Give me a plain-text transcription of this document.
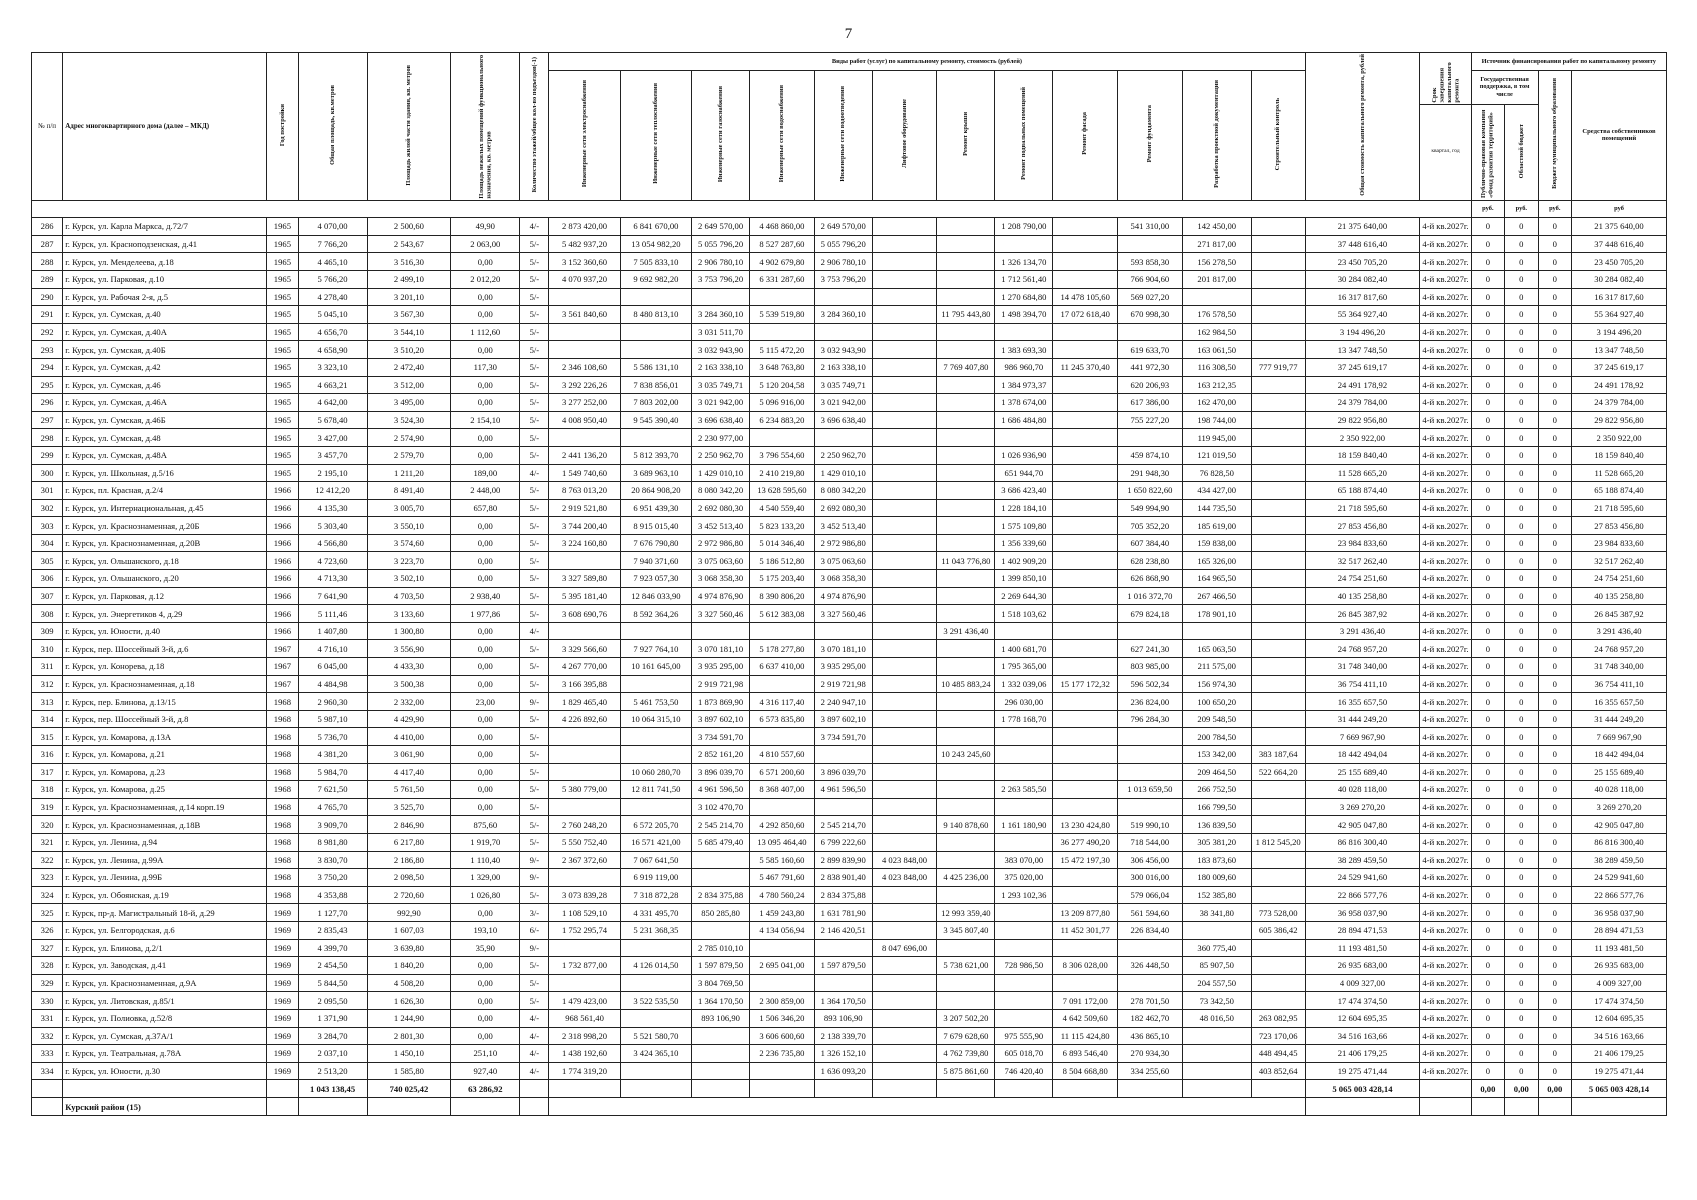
7
№ п/п	Адрес многоквартирного дома (далее – МКД)	Год постройки	Общая площадь, кв.метров	Площадь жилой части здания, кв. метров	Площадь нежилых помещений функционального назначения, кв. метров	Количество этажей/общее кол-во подъездов(-1)	Виды работ (услуг) по капитальному ремонту, стоимость (рублей)												Общая стоимость капитального ремонта, рублей	Срок завершения капитального ремонта	Источник финансирования работ по капитальному ремонту			
							Инженерные сети электроснабжения	Инженерные сети теплоснабжения	Инженерные сети газоснабжения	Инженерные сети водоснабжения	Инженерные сети водоотведения	Лифтовое оборудование	Ремонт крыши	Ремонт подвальных помещений	Ремонт фасада	Ремонт фундамента	Разработка проектной документации	Строительный контроль			Государственная поддержка, в том числе		Бюджет муниципального образования	Средства собственников помещений
																				квартал, год	Публично-правовая компания «Фонд развития территорий»	Областной бюджет		
																					руб.	руб.	руб.	руб
286	г. Курск, ул. Карла Маркса, д.72/7	1965	4 070,00	2 500,60	49,90	4/-	2 873 420,00	6 841 670,00	2 649 570,00	4 468 860,00	2 649 570,00			1 208 790,00		541 310,00	142 450,00		21 375 640,00	4-й кв.2027г.	0	0	0	21 375 640,00
287	г. Курск, ул. Красноподзенская, д.41	1965	7 766,20	2 543,67	2 063,00	5/-	5 482 937,20	13 054 982,20	5 055 796,20	8 527 287,60	5 055 796,20						271 817,00		37 448 616,40	4-й кв.2027г.	0	0	0	37 448 616,40
288	г. Курск, ул. Менделеева, д.18	1965	4 465,10	3 516,30	0,00	5/-	3 152 360,60	7 505 833,10	2 906 780,10	4 902 679,80	2 906 780,10			1 326 134,70		593 858,30	156 278,50		23 450 705,20	4-й кв.2027г.	0	0	0	23 450 705,20
289	г. Курск, ул. Парковая, д.10	1965	5 766,20	2 499,10	2 012,20	5/-	4 070 937,20	9 692 982,20	3 753 796,20	6 331 287,60	3 753 796,20			1 712 561,40		766 904,60	201 817,00		30 284 082,40	4-й кв.2027г.	0	0	0	30 284 082,40
290	г. Курск, ул. Рабочая 2-я, д.5	1965	4 278,40	3 201,10	0,00	5/-								1 270 684,80	14 478 105,60	569 027,20			16 317 817,60	4-й кв.2027г.	0	0	0	16 317 817,60
291	г. Курск, ул. Сумская, д.40	1965	5 045,10	3 567,30	0,00	5/-	3 561 840,60	8 480 813,10	3 284 360,10	5 539 519,80	3 284 360,10		11 795 443,80	1 498 394,70	17 072 618,40	670 998,30	176 578,50		55 364 927,40	4-й кв.2027г.	0	0	0	55 364 927,40
292	г. Курск, ул. Сумская, д.40А	1965	4 656,70	3 544,10	1 112,60	5/-			3 031 511,70								162 984,50		3 194 496,20	4-й кв.2027г.	0	0	0	3 194 496,20
293	г. Курск, ул. Сумская, д.40Б	1965	4 658,90	3 510,20	0,00	5/-			3 032 943,90	5 115 472,20	3 032 943,90			1 383 693,30		619 633,70	163 061,50		13 347 748,50	4-й кв.2027г.	0	0	0	13 347 748,50
294	г. Курск, ул. Сумская, д.42	1965	3 323,10	2 472,40	117,30	5/-	2 346 108,60	5 586 131,10	2 163 338,10	3 648 763,80	2 163 338,10		7 769 407,80	986 960,70	11 245 370,40	441 972,30	116 308,50	777 919,77	37 245 619,17	4-й кв.2027г.	0	0	0	37 245 619,17
295	г. Курск, ул. Сумская, д.46	1965	4 663,21	3 512,00	0,00	5/-	3 292 226,26	7 838 856,01	3 035 749,71	5 120 204,58	3 035 749,71			1 384 973,37		620 206,93	163 212,35		24 491 178,92	4-й кв.2027г.	0	0	0	24 491 178,92
296	г. Курск, ул. Сумская, д.46А	1965	4 642,00	3 495,00	0,00	5/-	3 277 252,00	7 803 202,00	3 021 942,00	5 096 916,00	3 021 942,00			1 378 674,00		617 386,00	162 470,00		24 379 784,00	4-й кв.2027г.	0	0	0	24 379 784,00
297	г. Курск, ул. Сумская, д.46Б	1965	5 678,40	3 524,30	2 154,10	5/-	4 008 950,40	9 545 390,40	3 696 638,40	6 234 883,20	3 696 638,40			1 686 484,80		755 227,20	198 744,00		29 822 956,80	4-й кв.2027г.	0	0	0	29 822 956,80
298	г. Курск, ул. Сумская, д.48	1965	3 427,00	2 574,90	0,00	5/-			2 230 977,00								119 945,00		2 350 922,00	4-й кв.2027г.	0	0	0	2 350 922,00
299	г. Курск, ул. Сумская, д.48А	1965	3 457,70	2 579,70	0,00	5/-	2 441 136,20	5 812 393,70	2 250 962,70	3 796 554,60	2 250 962,70			1 026 936,90		459 874,10	121 019,50		18 159 840,40	4-й кв.2027г.	0	0	0	18 159 840,40
300	г. Курск, ул. Школьная, д.5/16	1965	2 195,10	1 211,20	189,00	4/-	1 549 740,60	3 689 963,10	1 429 010,10	2 410 219,80	1 429 010,10			651 944,70		291 948,30	76 828,50		11 528 665,20	4-й кв.2027г.	0	0	0	11 528 665,20
301	г. Курск, пл. Красная, д.2/4	1966	12 412,20	8 491,40	2 448,00	5/-	8 763 013,20	20 864 908,20	8 080 342,20	13 628 595,60	8 080 342,20			3 686 423,40		1 650 822,60	434 427,00		65 188 874,40	4-й кв.2027г.	0	0	0	65 188 874,40
302	г. Курск, ул. Интернациональная, д.45	1966	4 135,30	3 005,70	657,80	5/-	2 919 521,80	6 951 439,30	2 692 080,30	4 540 559,40	2 692 080,30			1 228 184,10		549 994,90	144 735,50		21 718 595,60	4-й кв.2027г.	0	0	0	21 718 595,60
303	г. Курск, ул. Краснознаменная, д.20Б	1966	5 303,40	3 550,10	0,00	5/-	3 744 200,40	8 915 015,40	3 452 513,40	5 823 133,20	3 452 513,40			1 575 109,80		705 352,20	185 619,00		27 853 456,80	4-й кв.2027г.	0	0	0	27 853 456,80
304	г. Курск, ул. Краснознаменная, д.20В	1966	4 566,80	3 574,60	0,00	5/-	3 224 160,80	7 676 790,80	2 972 986,80	5 014 346,40	2 972 986,80			1 356 339,60		607 384,40	159 838,00		23 984 833,60	4-й кв.2027г.	0	0	0	23 984 833,60
305	г. Курск, ул. Ольшанского, д.18	1966	4 723,60	3 223,70	0,00	5/-		7 940 371,60	3 075 063,60	5 186 512,80	3 075 063,60		11 043 776,80	1 402 909,20		628 238,80	165 326,00		32 517 262,40	4-й кв.2027г.	0	0	0	32 517 262,40
306	г. Курск, ул. Ольшанского, д.20	1966	4 713,30	3 502,10	0,00	5/-	3 327 589,80	7 923 057,30	3 068 358,30	5 175 203,40	3 068 358,30			1 399 850,10		626 868,90	164 965,50		24 754 251,60	4-й кв.2027г.	0	0	0	24 754 251,60
307	г. Курск, ул. Парковая, д.12	1966	7 641,90	4 703,50	2 938,40	5/-	5 395 181,40	12 846 033,90	4 974 876,90	8 390 806,20	4 974 876,90			2 269 644,30		1 016 372,70	267 466,50		40 135 258,80	4-й кв.2027г.	0	0	0	40 135 258,80
308	г. Курск, ул. Энергетиков 4, д.29	1966	5 111,46	3 133,60	1 977,86	5/-	3 608 690,76	8 592 364,26	3 327 560,46	5 612 383,08	3 327 560,46			1 518 103,62		679 824,18	178 901,10		26 845 387,92	4-й кв.2027г.	0	0	0	26 845 387,92
309	г. Курск, ул. Юности, д.40	1966	1 407,80	1 300,80	0,00	4/-							3 291 436,40						3 291 436,40	4-й кв.2027г.	0	0	0	3 291 436,40
310	г. Курск, пер. Шоссейный 3-й, д.6	1967	4 716,10	3 556,90	0,00	5/-	3 329 566,60	7 927 764,10	3 070 181,10	5 178 277,80	3 070 181,10			1 400 681,70		627 241,30	165 063,50		24 768 957,20	4-й кв.2027г.	0	0	0	24 768 957,20
311	г. Курск, ул. Конорева, д.18	1967	6 045,00	4 433,30	0,00	5/-	4 267 770,00	10 161 645,00	3 935 295,00	6 637 410,00	3 935 295,00			1 795 365,00		803 985,00	211 575,00		31 748 340,00	4-й кв.2027г.	0	0	0	31 748 340,00
312	г. Курск, ул. Краснознаменная, д.18	1967	4 484,98	3 500,38	0,00	5/-	3 166 395,88		2 919 721,98		2 919 721,98		10 485 883,24	1 332 039,06	15 177 172,32	596 502,34	156 974,30		36 754 411,10	4-й кв.2027г.	0	0	0	36 754 411,10
313	г. Курск, пер. Блинова, д.13/15	1968	2 960,30	2 332,00	23,00	9/-	1 829 465,40	5 461 753,50	1 873 869,90	4 316 117,40	2 240 947,10			296 030,00		236 824,00	100 650,20		16 355 657,50	4-й кв.2027г.	0	0	0	16 355 657,50
314	г. Курск, пер. Шоссейный 3-й, д.8	1968	5 987,10	4 429,90	0,00	5/-	4 226 892,60	10 064 315,10	3 897 602,10	6 573 835,80	3 897 602,10			1 778 168,70		796 284,30	209 548,50		31 444 249,20	4-й кв.2027г.	0	0	0	31 444 249,20
315	г. Курск, ул. Комарова, д.13А	1968	5 736,70	4 410,00	0,00	5/-			3 734 591,70		3 734 591,70						200 784,50		7 669 967,90	4-й кв.2027г.	0	0	0	7 669 967,90
316	г. Курск, ул. Комарова, д.21	1968	4 381,20	3 061,90	0,00	5/-			2 852 161,20	4 810 557,60			10 243 245,60				153 342,00	383 187,64	18 442 494,04	4-й кв.2027г.	0	0	0	18 442 494,04
317	г. Курск, ул. Комарова, д.23	1968	5 984,70	4 417,40	0,00	5/-		10 060 280,70	3 896 039,70	6 571 200,60	3 896 039,70						209 464,50	522 664,20	25 155 689,40	4-й кв.2027г.	0	0	0	25 155 689,40
318	г. Курск, ул. Комарова, д.25	1968	7 621,50	5 761,50	0,00	5/-	5 380 779,00	12 811 741,50	4 961 596,50	8 368 407,00	4 961 596,50			2 263 585,50		1 013 659,50	266 752,50		40 028 118,00	4-й кв.2027г.	0	0	0	40 028 118,00
319	г. Курск, ул. Краснознаменная, д.14 корп.19	1968	4 765,70	3 525,70	0,00	5/-			3 102 470,70								166 799,50		3 269 270,20	4-й кв.2027г.	0	0	0	3 269 270,20
320	г. Курск, ул. Краснознаменная, д.18В	1968	3 909,70	2 846,90	875,60	5/-	2 760 248,20	6 572 205,70	2 545 214,70	4 292 850,60	2 545 214,70		9 140 878,60	1 161 180,90	13 230 424,80	519 990,10	136 839,50		42 905 047,80	4-й кв.2027г.	0	0	0	42 905 047,80
321	г. Курск, ул. Ленина, д.94	1968	8 981,80	6 217,80	1 919,70	5/-	5 550 752,40	16 571 421,00	5 685 479,40	13 095 464,40	6 799 222,60				36 277 490,20	718 544,00	305 381,20	1 812 545,20	86 816 300,40	4-й кв.2027г.	0	0	0	86 816 300,40
322	г. Курск, ул. Ленина, д.99А	1968	3 830,70	2 186,80	1 110,40	9/-	2 367 372,60	7 067 641,50		5 585 160,60	2 899 839,90	4 023 848,00		383 070,00	15 472 197,30	306 456,00	183 873,60		38 289 459,50	4-й кв.2027г.	0	0	0	38 289 459,50
323	г. Курск, ул. Ленина, д.99Б	1968	3 750,20	2 098,50	1 329,00	9/-		6 919 119,00		5 467 791,60	2 838 901,40	4 023 848,00	4 425 236,00	375 020,00		300 016,00	180 009,60		24 529 941,60	4-й кв.2027г.	0	0	0	24 529 941,60
324	г. Курск, ул. Обоянская, д.19	1968	4 353,88	2 720,60	1 026,80	5/-	3 073 839,28	7 318 872,28	2 834 375,88	4 780 560,24	2 834 375,88			1 293 102,36		579 066,04	152 385,80		22 866 577,76	4-й кв.2027г.	0	0	0	22 866 577,76
325	г. Курск, пр-д. Магистральный 18-й, д.29	1969	1 127,70	992,90	0,00	3/-	1 108 529,10	4 331 495,70	850 285,80	1 459 243,80	1 631 781,90		12 993 359,40		13 209 877,80	561 594,60	38 341,80	773 528,00	36 958 037,90	4-й кв.2027г.	0	0	0	36 958 037,90
326	г. Курск, ул. Белгородская, д.6	1969	2 835,43	1 607,03	193,10	6/-	1 752 295,74	5 231 368,35		4 134 056,94	2 146 420,51		3 345 807,40		11 452 301,77	226 834,40		605 386,42	28 894 471,53	4-й кв.2027г.	0	0	0	28 894 471,53
327	г. Курск, ул. Блинова, д.2/1	1969	4 399,70	3 639,80	35,90	9/-			2 785 010,10			8 047 696,00					360 775,40		11 193 481,50	4-й кв.2027г.	0	0	0	11 193 481,50
328	г. Курск, ул. Заводская, д.41	1969	2 454,50	1 840,20	0,00	5/-	1 732 877,00	4 126 014,50	1 597 879,50	2 695 041,00	1 597 879,50		5 738 621,00	728 986,50	8 306 028,00	326 448,50	85 907,50		26 935 683,00	4-й кв.2027г.	0	0	0	26 935 683,00
329	г. Курск, ул. Краснознаменная, д.9А	1969	5 844,50	4 508,20	0,00	5/-			3 804 769,50								204 557,50		4 009 327,00	4-й кв.2027г.	0	0	0	4 009 327,00
330	г. Курск, ул. Литовская, д.85/1	1969	2 095,50	1 626,30	0,00	5/-	1 479 423,00	3 522 535,50	1 364 170,50	2 300 859,00	1 364 170,50				7 091 172,00	278 701,50	73 342,50		17 474 374,50	4-й кв.2027г.	0	0	0	17 474 374,50
331	г. Курск, ул. Полиовка, д.52/8	1969	1 371,90	1 244,90	0,00	4/-	968 561,40		893 106,90	1 506 346,20	893 106,90		3 207 502,20		4 642 509,60	182 462,70	48 016,50	263 082,95	12 604 695,35	4-й кв.2027г.	0	0	0	12 604 695,35
332	г. Курск, ул. Сумская, д.37А/1	1969	3 284,70	2 801,30	0,00	4/-	2 318 998,20	5 521 580,70		3 606 600,60	2 138 339,70		7 679 628,60	975 555,90	11 115 424,80	436 865,10		723 170,06	34 516 163,66	4-й кв.2027г.	0	0	0	34 516 163,66
333	г. Курск, ул. Театральная, д.78А	1969	2 037,10	1 450,10	251,10	4/-	1 438 192,60	3 424 365,10		2 236 735,80	1 326 152,10		4 762 739,80	605 018,70	6 893 546,40	270 934,30		448 494,45	21 406 179,25	4-й кв.2027г.	0	0	0	21 406 179,25
334	г. Курск, ул. Юности, д.30	1969	2 513,20	1 585,80	927,40	4/-	1 774 319,20				1 636 093,20		5 875 861,60	746 420,40	8 504 668,80	334 255,60		403 852,64	19 275 471,44	4-й кв.2027г.	0	0	0	19 275 471,44
			1 043 138,45	740 025,42	63 286,92														5 065 003 428,14		0,00	0,00	0,00	5 065 003 428,14
	Курский район (15)																							
